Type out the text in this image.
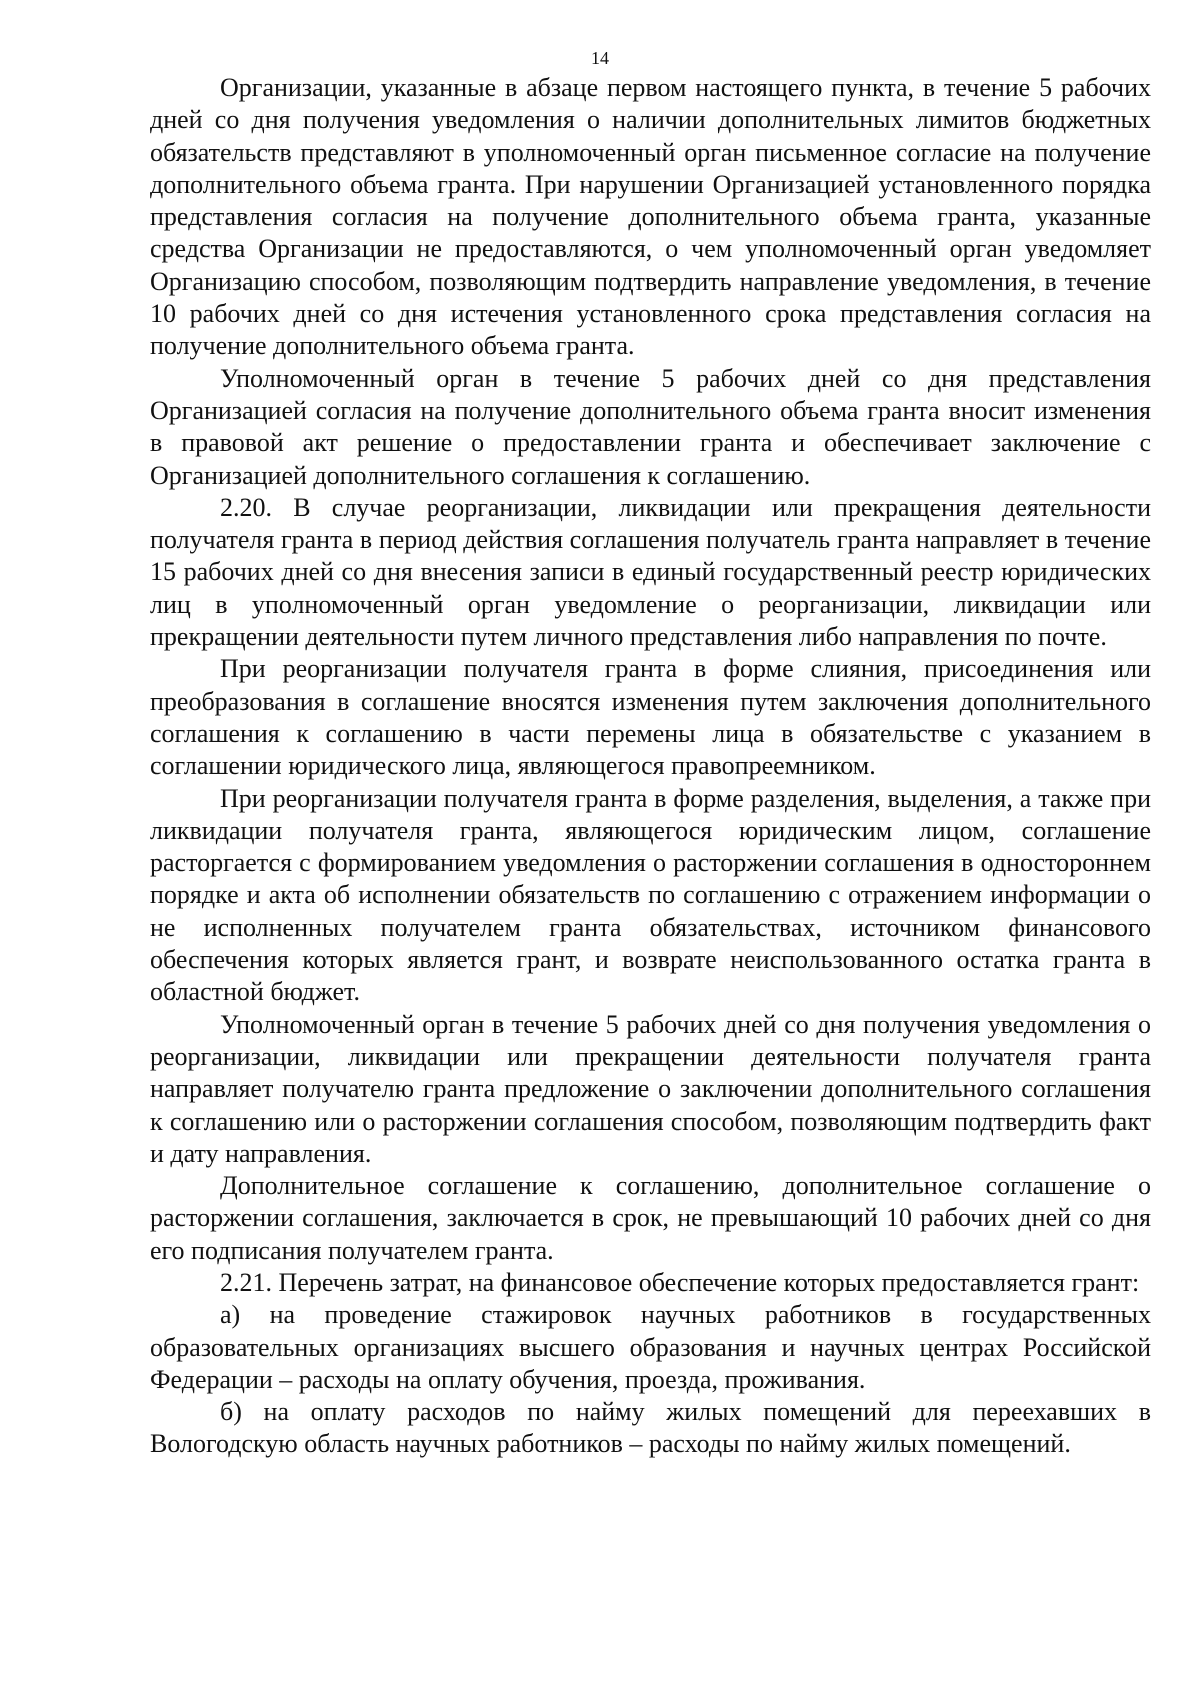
14

Организации, указанные в абзаце первом настоящего пункта, в течение 5 рабочих дней со дня получения уведомления о наличии дополнительных лимитов бюджетных обязательств представляют в уполномоченный орган письменное согласие на получение дополнительного объема гранта. При нарушении Организацией установленного порядка представления согласия на получение дополнительного объема гранта, указанные средства Организации не предоставляются, о чем уполномоченный орган уведомляет Организацию способом, позволяющим подтвердить направление уведомления, в течение 10 рабочих дней со дня истечения установленного срока представления согласия на получение дополнительного объема гранта.

Уполномоченный орган в течение 5 рабочих дней со дня представления Организацией согласия на получение дополнительного объема гранта вносит изменения в правовой акт решение о предоставлении гранта и обеспечивает заключение с Организацией дополнительного соглашения к соглашению.

2.20. В случае реорганизации, ликвидации или прекращения деятельности получателя гранта в период действия соглашения получатель гранта направляет в течение 15 рабочих дней со дня внесения записи в единый государственный реестр юридических лиц в уполномоченный орган уведомление о реорганизации, ликвидации или прекращении деятельности путем личного представления либо направления по почте.

При реорганизации получателя гранта в форме слияния, присоединения или преобразования в соглашение вносятся изменения путем заключения дополнительного соглашения к соглашению в части перемены лица в обязательстве с указанием в соглашении юридического лица, являющегося правопреемником.

При реорганизации получателя гранта в форме разделения, выделения, а также при ликвидации получателя гранта, являющегося юридическим лицом, соглашение расторгается с формированием уведомления о расторжении соглашения в одностороннем порядке и акта об исполнении обязательств по соглашению с отражением информации о не исполненных получателем гранта обязательствах, источником финансового обеспечения которых является грант, и возврате неиспользованного остатка гранта в областной бюджет.

Уполномоченный орган в течение 5 рабочих дней со дня получения уведомления о реорганизации, ликвидации или прекращении деятельности получателя гранта направляет получателю гранта предложение о заключении дополнительного соглашения к соглашению или о расторжении соглашения способом, позволяющим подтвердить факт и дату направления.

Дополнительное соглашение к соглашению, дополнительное соглашение о расторжении соглашения, заключается в срок, не превышающий 10 рабочих дней со дня его подписания получателем гранта.

2.21. Перечень затрат, на финансовое обеспечение которых предоставляется грант:

а) на проведение стажировок научных работников в государственных образовательных организациях высшего образования и научных центрах Российской Федерации – расходы на оплату обучения, проезда, проживания.

б) на оплату расходов по найму жилых помещений для переехавших в Вологодскую область научных работников – расходы по найму жилых помещений.
